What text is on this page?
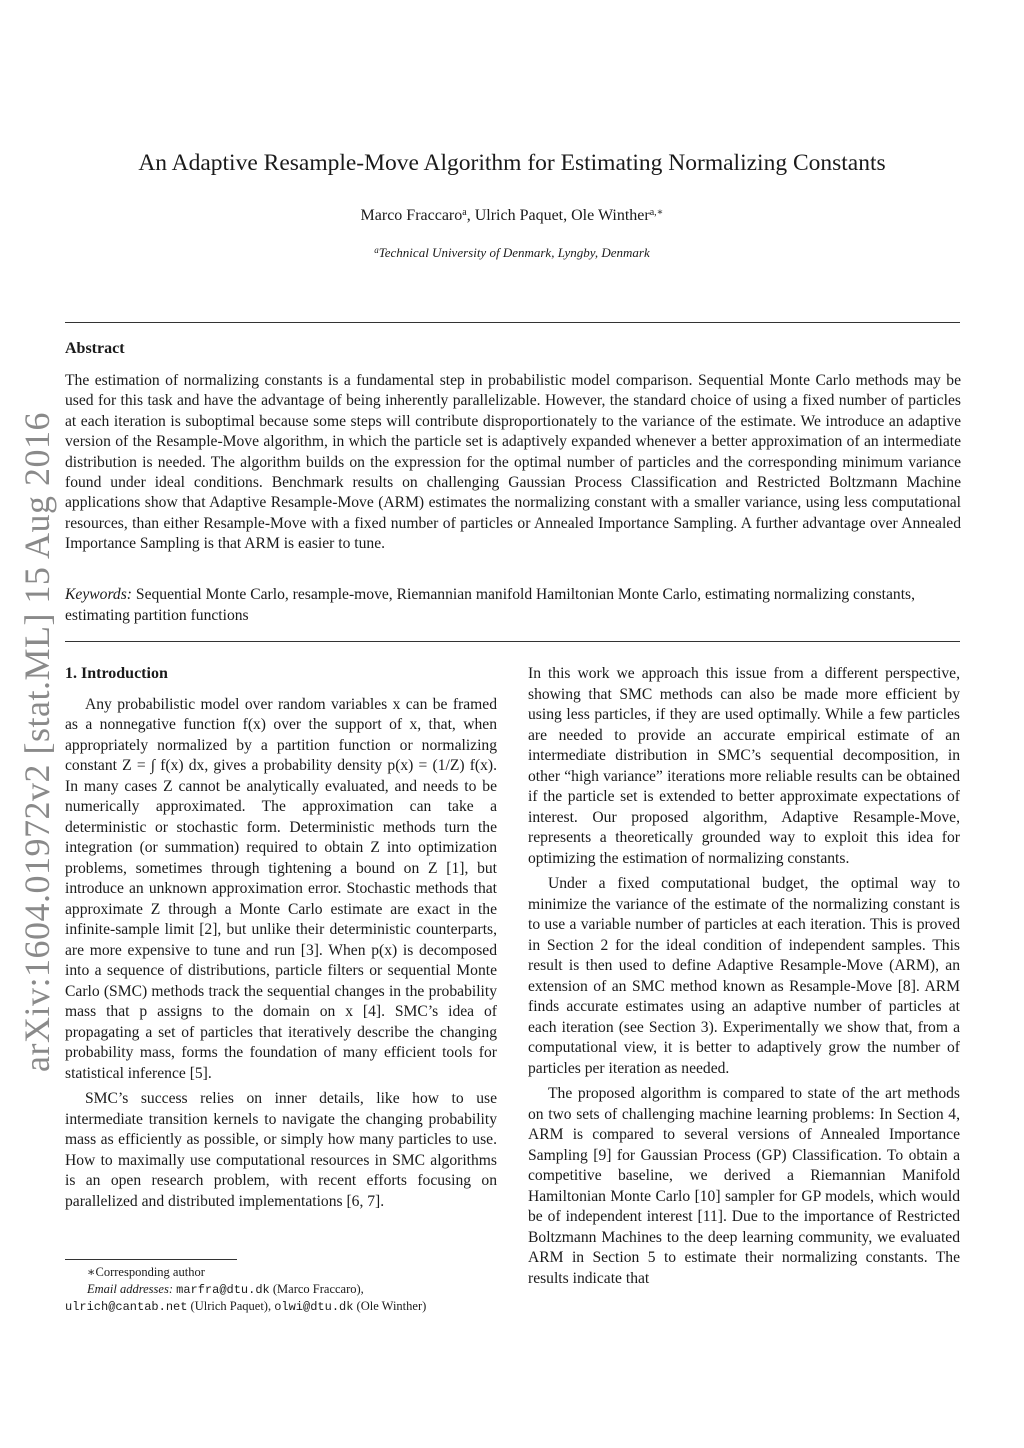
arXiv:1604.01972v2 [stat.ML] 15 Aug 2016
An Adaptive Resample-Move Algorithm for Estimating Normalizing Constants
Marco Fraccaro$^a$, Ulrich Paquet, Ole Winther$^{a,∗}$
$^a$Technical University of Denmark, Lyngby, Denmark
Abstract

The estimation of normalizing constants is a fundamental step in probabilistic model comparison. Sequential Monte Carlo methods may be used for this task and have the advantage of being inherently parallelizable. However, the standard choice of using a fixed number of particles at each iteration is suboptimal because some steps will contribute disproportionately to the variance of the estimate. We introduce an adaptive version of the Resample-Move algorithm, in which the particle set is adaptively expanded whenever a better approximation of an intermediate distribution is needed. The algorithm builds on the expression for the optimal number of particles and the corresponding minimum variance found under ideal conditions. Benchmark results on challenging Gaussian Process Classification and Restricted Boltzmann Machine applications show that Adaptive Resample-Move (ARM) estimates the normalizing constant with a smaller variance, using less computational resources, than either Resample-Move with a fixed number of particles or Annealed Importance Sampling. A further advantage over Annealed Importance Sampling is that ARM is easier to tune.

Keywords: Sequential Monte Carlo, resample-move, Riemannian manifold Hamiltonian Monte Carlo, estimating normalizing constants, estimating partition functions

1. Introduction

Any probabilistic model over random variables x can be framed as a nonnegative function f(x) over the support of x, that, when appropriately normalized by a partition function or normalizing constant Z = ∫ f(x) dx, gives a probability density p(x) = (1/Z) f(x). In many cases Z cannot be analytically evaluated, and needs to be numerically approximated. The approximation can take a deterministic or stochastic form. Deterministic methods turn the integration (or summation) required to obtain Z into optimization problems, sometimes through tightening a bound on Z [1], but introduce an unknown approximation error. Stochastic methods that approximate Z through a Monte Carlo estimate are exact in the infinite-sample limit [2], but unlike their deterministic counterparts, are more expensive to tune and run [3]. When p(x) is decomposed into a sequence of distributions, particle filters or sequential Monte Carlo (SMC) methods track the sequential changes in the probability mass that p assigns to the domain on x [4]. SMC’s idea of propagating a set of particles that iteratively describe the changing probability mass, forms the foundation of many efficient tools for statistical inference [5].

SMC’s success relies on inner details, like how to use intermediate transition kernels to navigate the changing probability mass as efficiently as possible, or simply how many particles to use. How to maximally use computational resources in SMC algorithms is an open research problem, with recent efforts focusing on parallelized and distributed implementations [6, 7].

In this work we approach this issue from a different perspective, showing that SMC methods can also be made more efficient by using less particles, if they are used optimally. While a few particles are needed to provide an accurate empirical estimate of an intermediate distribution in SMC’s sequential decomposition, in other “high variance” iterations more reliable results can be obtained if the particle set is extended to better approximate expectations of interest. Our proposed algorithm, Adaptive Resample-Move, represents a theoretically grounded way to exploit this idea for optimizing the estimation of normalizing constants.

Under a fixed computational budget, the optimal way to minimize the variance of the estimate of the normalizing constant is to use a variable number of particles at each iteration. This is proved in Section 2 for the ideal condition of independent samples. This result is then used to define Adaptive Resample-Move (ARM), an extension of an SMC method known as Resample-Move [8]. ARM finds accurate estimates using an adaptive number of particles at each iteration (see Section 3). Experimentally we show that, from a computational view, it is better to adaptively grow the number of particles per iteration as needed.

The proposed algorithm is compared to state of the art methods on two sets of challenging machine learning problems: In Section 4, ARM is compared to several versions of Annealed Importance Sampling [9] for Gaussian Process (GP) Classification. To obtain a competitive baseline, we derived a Riemannian Manifold Hamiltonian Monte Carlo [10] sampler for GP models, which would be of independent interest [11]. Due to the importance of Restricted Boltzmann Machines to the deep learning community, we evaluated ARM in Section 5 to estimate their normalizing constants. The results indicate that

∗Corresponding author
Email addresses: marfra@dtu.dk (Marco Fraccaro),
ulrich@cantab.net (Ulrich Paquet), olwi@dtu.dk (Ole Winther)
